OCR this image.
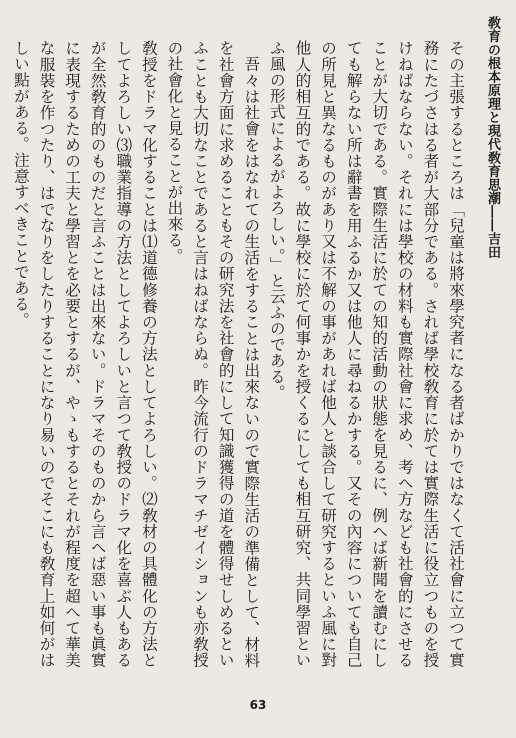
敎育の根本原理と現代敎育思潮――吉田

その主張するところは「兒童は將來學究者になる者ばかりではなくて活社會に立つて實務にたづさはる者が大部分である。されば學校敎育に於ては實際生活に役立つものを授けねばならない。それには學校の材料も實際社會に求め、考へ方なども社會的にさせることが大切である。實際生活に於ての知的活動の狀態を見るに、例へば新聞を讀むにしても解らない所は辭書を用ふるか又は他人に尋ねるかする。又その內容についても自己の所見と異なるものがあり又は不解の事があれば他人と談合して研究するといふ風に對他人的相互的である。故に學校に於て何事かを授くるにしても相互研究、共同學習といふ風の形式によるがよろしい。」と云ふのである。

吾々は社會をはなれての生活をすることは出來ないので實際生活の準備として、材料を社會方面に求めることもその研究法を社會的にして知識獲得の道を體得せしめるといふことも大切なことであると言はねばならぬ。昨今流行のドラマチゼイションも亦敎授の社會化と見ることが出來る。

敎授をドラマ化することは⑴道德修養の方法としてよろしい。⑵敎材の具體化の方法としてよろしい⑶職業指導の方法としてよろしいと言つて敎授のドラマ化を喜ぶ人もあるが全然敎育的のものだと言ふことは出來ない。ドラマそのものから言へば惡い事も眞實に表現するための工夫と學習とを必要とするが、やゝもするとそれが程度を超へて華美な服裝を作つたり、はでなりをしたりすることになり易いのでそこにも敎育上如何がはしい點がある。注意すべきことである。

63
